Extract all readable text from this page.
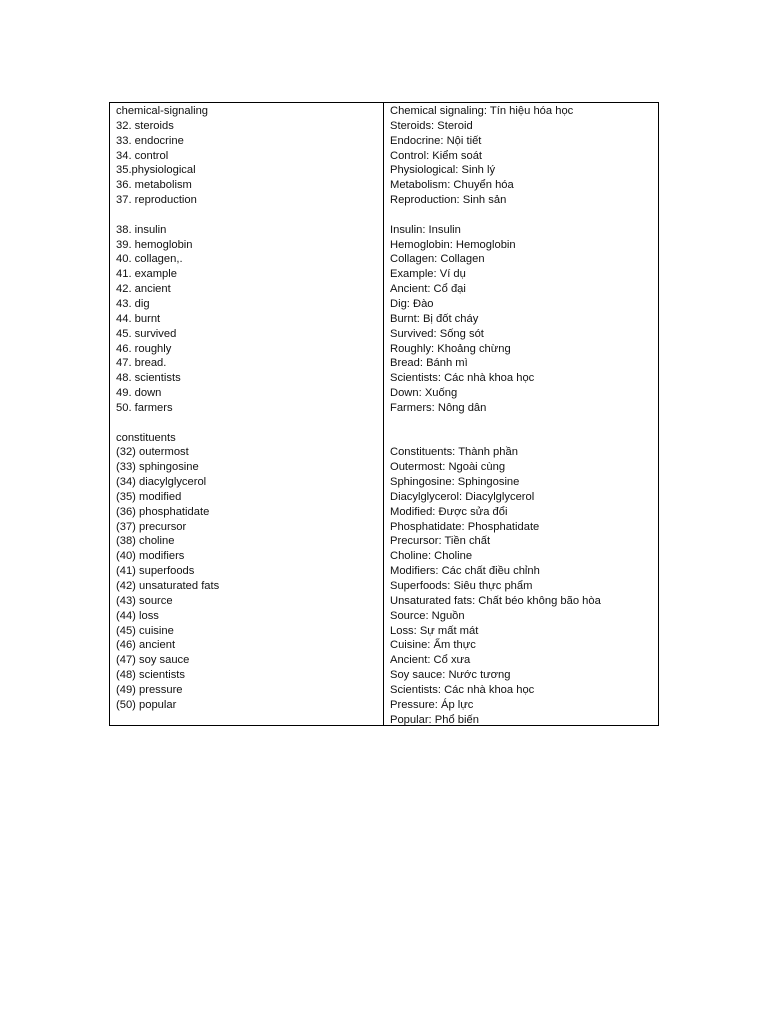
chemical-signaling
32. steroids
33. endocrine
34. control
35.physiological
36. metabolism
37. reproduction
38. insulin
39. hemoglobin
40. collagen,.
41. example
42. ancient
43. dig
44. burnt
45. survived
46. roughly
47. bread.
48. scientists
49. down
50. farmers
constituents
(32) outermost
(33) sphingosine
(34) diacylglycerol
(35) modified
(36) phosphatidate
(37) precursor
(38) choline
(40) modifiers
(41) superfoods
(42) unsaturated fats
(43) source
(44) loss
(45) cuisine
(46) ancient
(47) soy sauce
(48) scientists
(49) pressure
(50) popular
Chemical signaling: Tín hiệu hóa học
Steroids: Steroid
Endocrine: Nội tiết
Control: Kiểm soát
Physiological: Sinh lý
Metabolism: Chuyển hóa
Reproduction: Sinh sản
Insulin: Insulin
Hemoglobin: Hemoglobin
Collagen: Collagen
Example: Ví dụ
Ancient: Cổ đại
Dig: Đào
Burnt: Bị đốt cháy
Survived: Sống sót
Roughly: Khoảng chừng
Bread: Bánh mì
Scientists: Các nhà khoa học
Down: Xuống
Farmers: Nông dân
Constituents: Thành phần
Outermost: Ngoài cùng
Sphingosine: Sphingosine
Diacylglycerol: Diacylglycerol
Modified: Được sửa đổi
Phosphatidate: Phosphatidate
Precursor: Tiền chất
Choline: Choline
Modifiers: Các chất điều chỉnh
Superfoods: Siêu thực phẩm
Unsaturated fats: Chất béo không bão hòa
Source: Nguồn
Loss: Sự mất mát
Cuisine: Ẩm thực
Ancient: Cổ xưa
Soy sauce: Nước tương
Scientists: Các nhà khoa học
Pressure: Áp lực
Popular: Phổ biến
